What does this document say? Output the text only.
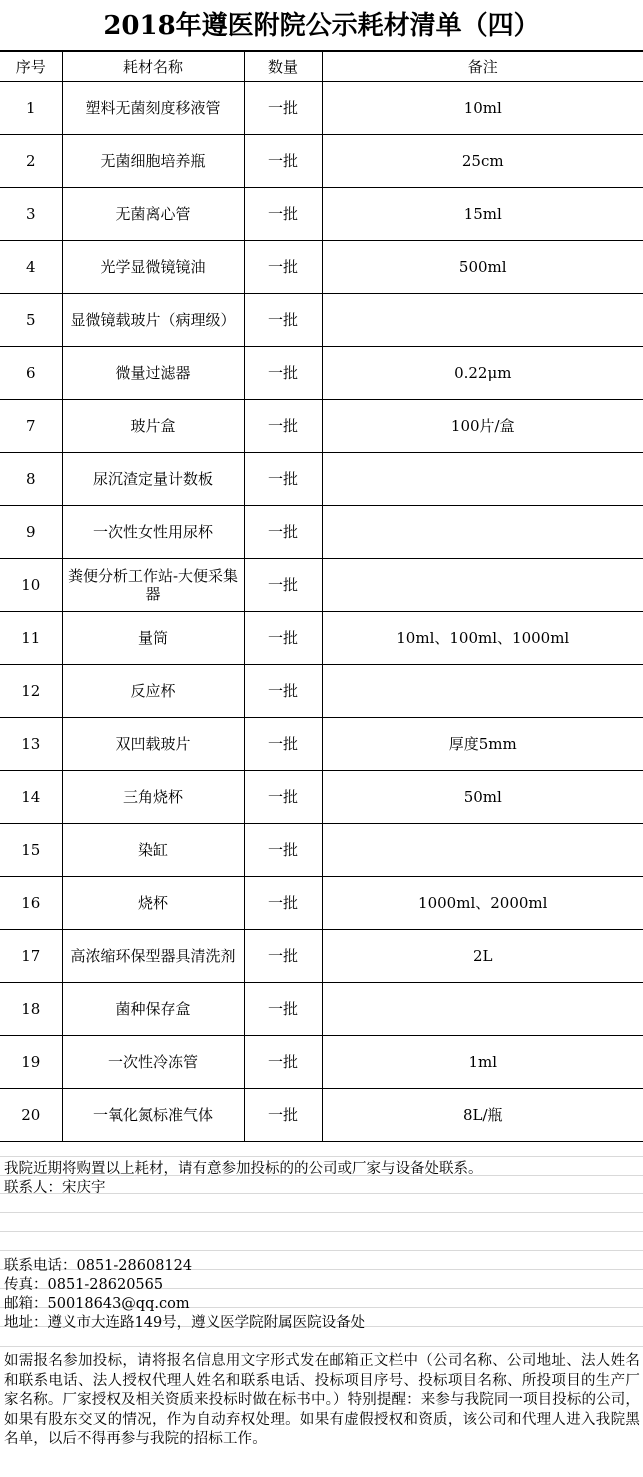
2018年遵医附院公示耗材清单（四）
序号	耗材名称	数量	备注
1	塑料无菌刻度移液管	一批	10ml
2	无菌细胞培养瓶	一批	25cm
3	无菌离心管	一批	15ml
4	光学显微镜镜油	一批	500ml
5	显微镜载玻片（病理级）	一批	
6	微量过滤器	一批	0.22μm
7	玻片盒	一批	100片/盒
8	尿沉渣定量计数板	一批	
9	一次性女性用尿杯	一批	
10	粪便分析工作站-大便采集器	一批	
11	量筒	一批	10ml、100ml、1000ml
12	反应杯	一批	
13	双凹载玻片	一批	厚度5mm
14	三角烧杯	一批	50ml
15	染缸	一批	
16	烧杯	一批	1000ml、2000ml
17	高浓缩环保型器具清洗剂	一批	2L
18	菌种保存盒	一批	
19	一次性冷冻管	一批	1ml
20	一氧化氮标准气体	一批	8L/瓶
我院近期将购置以上耗材，请有意参加投标的的公司或厂家与设备处联系。
联系人：宋庆宇
联系电话：0851-28608124
传真：0851-28620565
邮箱：50018643@qq.com
地址：遵义市大连路149号，遵义医学院附属医院设备处
如需报名参加投标，请将报名信息用文字形式发在邮箱正文栏中（公司名称、公司地址、法人姓名和联系电话、法人授权代理人姓名和联系电话、投标项目序号、投标项目名称、所投项目的生产厂家名称。厂家授权及相关资质来投标时做在标书中。）特别提醒：来参与我院同一项目投标的公司，如果有股东交叉的情况，作为自动弃权处理。如果有虚假授权和资质，该公司和代理人进入我院黑名单，以后不得再参与我院的招标工作。
